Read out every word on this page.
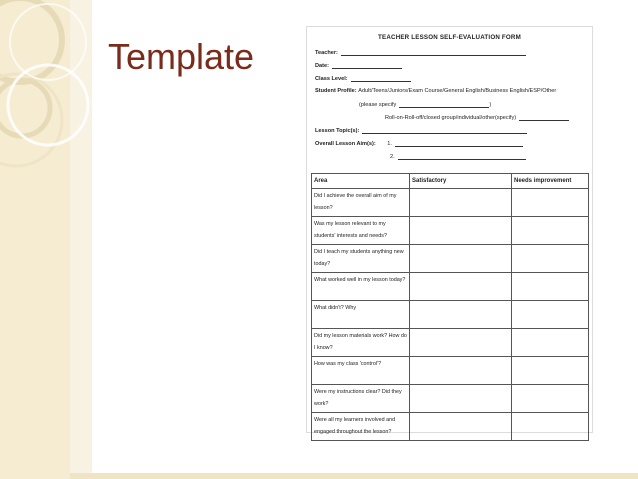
Template	TEACHER LESSON SELF-EVALUATION FORM
Teacher:
Date:
Class Level:
Student Profile: Adult/Teens/Juniors/Exam Course/General English/Business English/ESP/Other
(please specify	)
Roll-on-Roll-off/closed group/individual/other(specify)
Lesson Topic(s):
Overall Lesson Aim(s): 1.
2.
Area	Satisfactory	Needs improvement
Did I achieve the overall aim of my lesson?		
Was my lesson relevant to my students' interests and needs?		
Did I teach my students anything new today?		
What worked well in my lesson today?		
What didn't? Why		
Did my lesson materials work? How do I know?		
How was my class 'control'?		
Were my instructions clear? Did they work?		
Were all my learners involved and engaged throughout the lesson?		
